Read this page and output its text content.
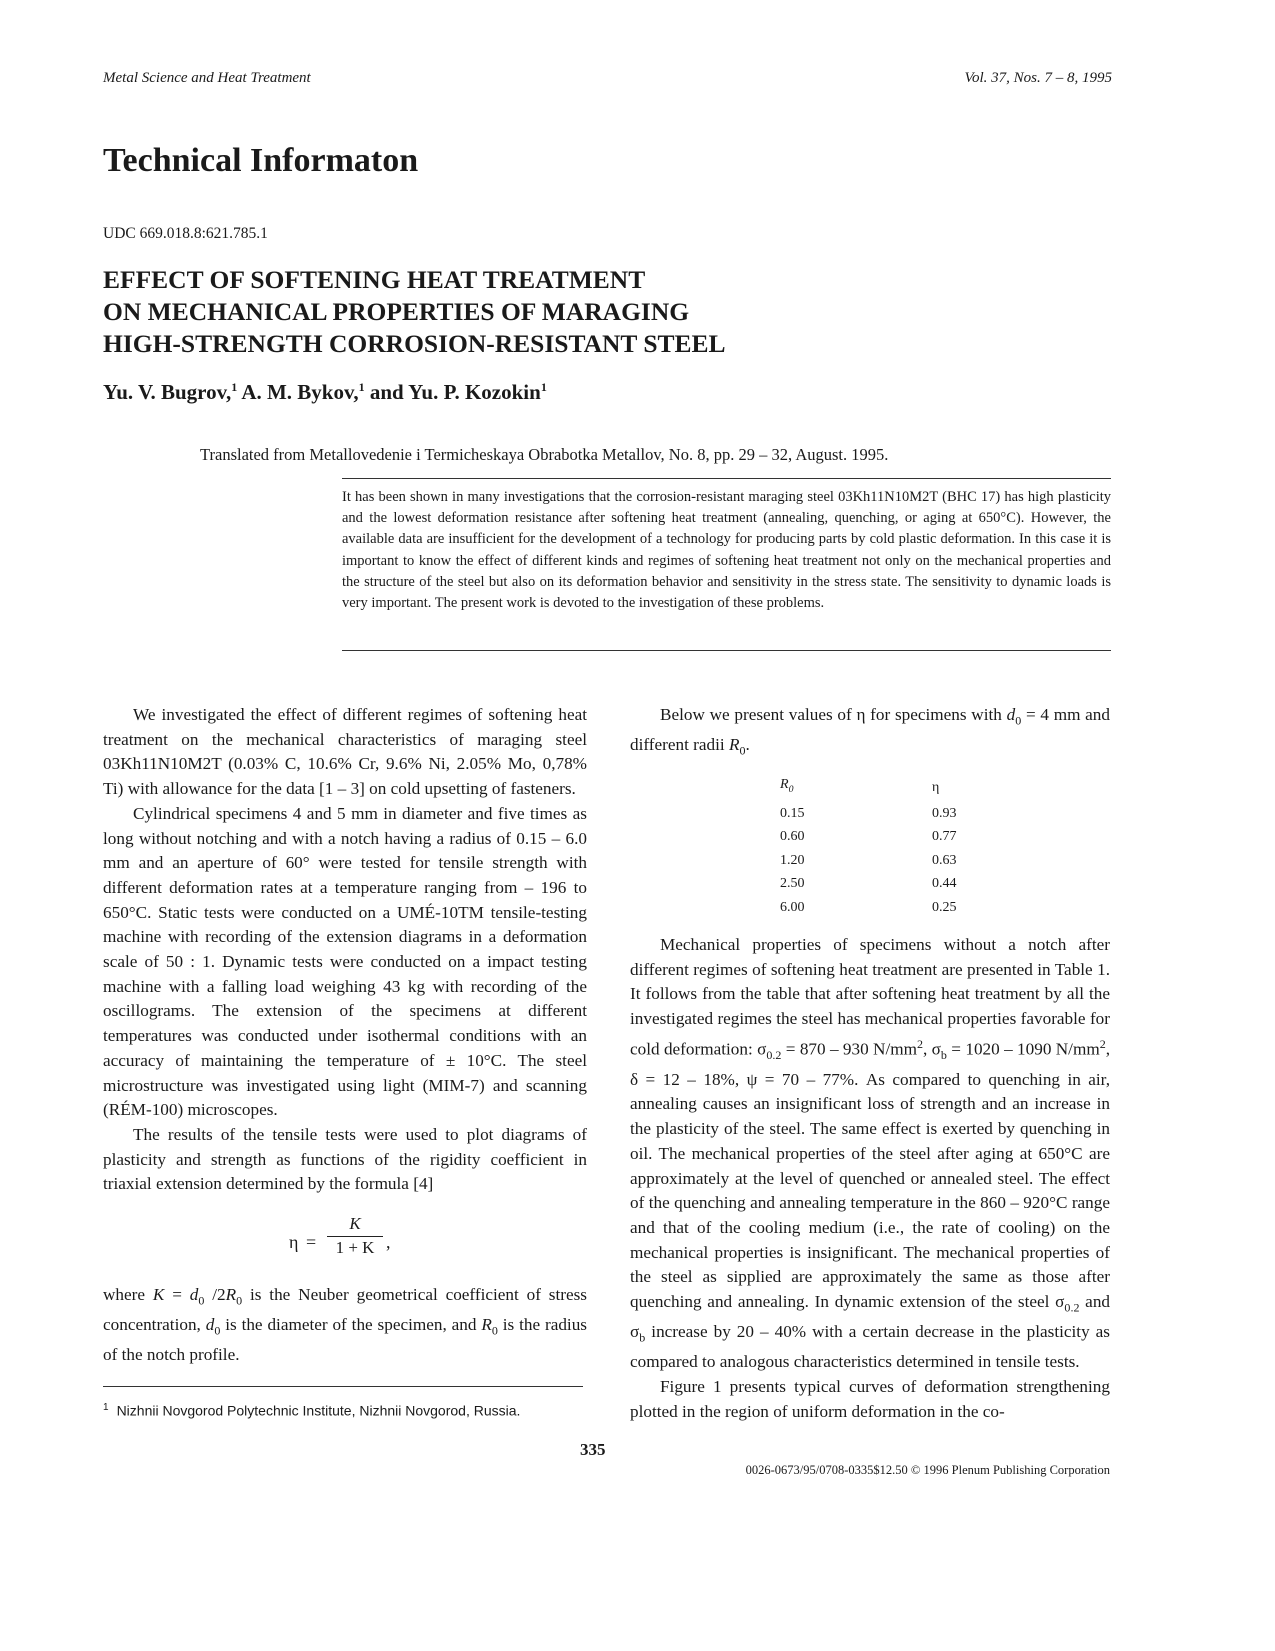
Metal Science and Heat Treatment	Vol. 37, Nos. 7 – 8, 1995
Technical Informaton
UDC 669.018.8:621.785.1
EFFECT OF SOFTENING HEAT TREATMENT
ON MECHANICAL PROPERTIES OF MARAGING
HIGH-STRENGTH CORROSION-RESISTANT STEEL
Yu. V. Bugrov,$^1$ A. M. Bykov,$^1$ and Yu. P. Kozokin$^1$
Translated from Metallovedenie i Termicheskaya Obrabotka Metallov, No. 8, pp. 29 – 32, August. 1995.
It has been shown in many investigations that the corrosion-resistant maraging steel 03Kh11N10M2T (BHC 17) has high plasticity and the lowest deformation resistance after softening heat treatment (annealing, quenching, or aging at 650°C). However, the available data are insufficient for the development of a technology for producing parts by cold plastic deformation. In this case it is important to know the effect of different kinds and regimes of softening heat treatment not only on the mechanical properties and the structure of the steel but also on its deformation behavior and sensitivity in the stress state. The sensitivity to dynamic loads is very important. The present work is devoted to the investigation of these problems.

We investigated the effect of different regimes of softening heat treatment on the mechanical characteristics of maraging steel 03Kh11N10M2T (0.03% C, 10.6% Cr, 9.6% Ni, 2.05% Mo, 0,78% Ti) with allowance for the data [1 – 3] on cold upsetting of fasteners.

Cylindrical specimens 4 and 5 mm in diameter and five times as long without notching and with a notch having a radius of 0.15 – 6.0 mm and an aperture of 60° were tested for tensile strength with different deformation rates at a temperature ranging from – 196 to 650°C. Static tests were conducted on a UMÉ-10TM tensile-testing machine with recording of the extension diagrams in a deformation scale of 50 : 1. Dynamic tests were conducted on a impact testing machine with a falling load weighing 43 kg with recording of the oscillograms. The extension of the specimens at different temperatures was conducted under isothermal conditions with an accuracy of maintaining the temperature of ± 10°C. The steel microstructure was investigated using light (MIM-7) and scanning (RÉM-100) microscopes.

The results of the tensile tests were used to plot diagrams of plasticity and strength as functions of the rigidity coefficient in triaxial extension determined by the formula [4]

$\eta = \frac{K}{1 + K}$ ,

where $K = d_0$ $/2R_0$ is the Neuber geometrical coefficient of stress concentration, $d_0$ is the diameter of the specimen, and $R_0$ is the radius of the notch profile.

$^1$ Nizhnii Novgorod Polytechnic Institute, Nizhnii Novgorod, Russia.

Below we present values of η for specimens with $d_0 = 4$ mm and different radii $R_0$.

$R_0$	η
0.15	0.93
0.60	0.77
1.20	0.63
2.50	0.44
6.00	0.25

Mechanical properties of specimens without a notch after different regimes of softening heat treatment are presented in Table 1. It follows from the table that after softening heat treatment by all the investigated regimes the steel has mechanical properties favorable for cold deformation: $\sigma_{0.2} = 870 - 930$ $N/mm^2$, $\sigma_b = 1020 - 1090$ $N/mm^2$, δ = 12 – 18%, ψ = 70 – 77%. As compared to quenching in air, annealing causes an insignificant loss of strength and an increase in the plasticity of the steel. The same effect is exerted by quenching in oil. The mechanical properties of the steel after aging at 650°C are approximately at the level of quenched or annealed steel. The effect of the quenching and annealing temperature in the 860 – 920°C range and that of the cooling medium (i.e., the rate of cooling) on the mechanical properties is insignificant. The mechanical properties of the steel as sipplied are approximately the same as those after quenching and annealing. In dynamic extension of the steel $\sigma_{0.2}$ and $\sigma_b$ increase by 20 – 40% with a certain decrease in the plasticity as compared to analogous characteristics determined in tensile tests.

Figure 1 presents typical curves of deformation strengthening plotted in the region of uniform deformation in the co-

335
0026-0673/95/0708-0335$12.50 © 1996 Plenum Publishing Corporation
